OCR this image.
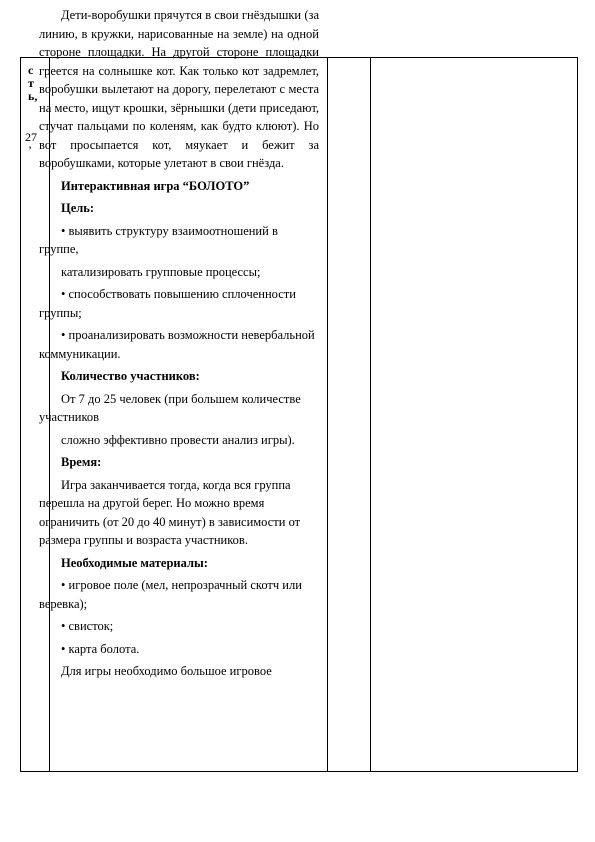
с
т
ь,
27
’

Дети-воробушки прячутся в свои гнёздышки (за линию, в кружки, нарисованные на земле) на одной стороне площадки. На другой стороне площадки греется на солнышке кот. Как только кот задремлет, воробушки вылетают на дорогу, перелетают с места на место, ищут крошки, зёрнышки (дети приседают, стучат пальцами по коленям, как будто клюют). Но вот просыпается кот, мяукает и бежит за воробушками, которые улетают в свои гнёзда.

Интерактивная игра “БОЛОТО”

Цель:

• выявить структуру взаимоотношений в группе,

катализировать групповые процессы;

• способствовать повышению сплоченности группы;

• проанализировать возможности невербальной коммуникации.

Количество участников:

От 7 до 25 человек (при большем количестве участников

сложно эффективно провести анализ игры).

Время:

Игра заканчивается тогда, когда вся группа перешла на другой берег. Но можно время ограничить (от 20 до 40 минут) в зависимости от размера группы и возраста участников.

Необходимые материалы:

• игровое поле (мел, непрозрачный скотч или веревка);

• свисток;

• карта болота.

Для игры необходимо большое игровое
